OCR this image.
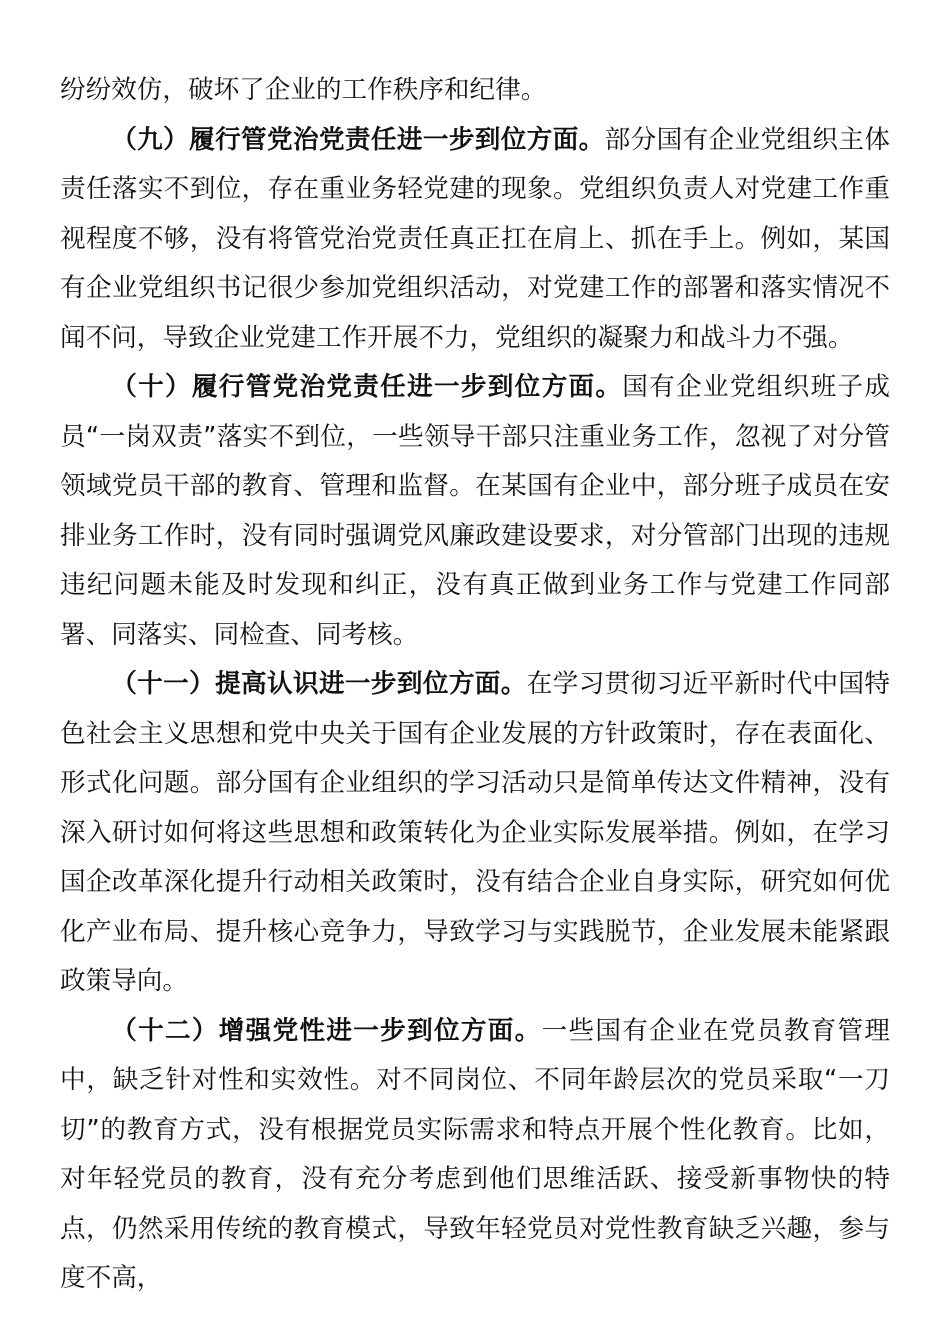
纷纷效仿，破坏了企业的工作秩序和纪律。

（九）履行管党治党责任进一步到位方面。部分国有企业党组织主体责任落实不到位，存在重业务轻党建的现象。党组织负责人对党建工作重视程度不够，没有将管党治党责任真正扛在肩上、抓在手上。例如，某国有企业党组织书记很少参加党组织活动，对党建工作的部署和落实情况不闻不问，导致企业党建工作开展不力，党组织的凝聚力和战斗力不强。

（十）履行管党治党责任进一步到位方面。国有企业党组织班子成员“一岗双责”落实不到位，一些领导干部只注重业务工作，忽视了对分管领域党员干部的教育、管理和监督。在某国有企业中，部分班子成员在安排业务工作时，没有同时强调党风廉政建设要求，对分管部门出现的违规违纪问题未能及时发现和纠正，没有真正做到业务工作与党建工作同部署、同落实、同检查、同考核。

（十一）提高认识进一步到位方面。在学习贯彻习近平新时代中国特色社会主义思想和党中央关于国有企业发展的方针政策时，存在表面化、形式化问题。部分国有企业组织的学习活动只是简单传达文件精神，没有深入研讨如何将这些思想和政策转化为企业实际发展举措。例如，在学习国企改革深化提升行动相关政策时，没有结合企业自身实际，研究如何优化产业布局、提升核心竞争力，导致学习与实践脱节，企业发展未能紧跟政策导向。

（十二）增强党性进一步到位方面。一些国有企业在党员教育管理中，缺乏针对性和实效性。对不同岗位、不同年龄层次的党员采取“一刀切”的教育方式，没有根据党员实际需求和特点开展个性化教育。比如，对年轻党员的教育，没有充分考虑到他们思维活跃、接受新事物快的特点，仍然采用传统的教育模式，导致年轻党员对党性教育缺乏兴趣，参与度不高，
